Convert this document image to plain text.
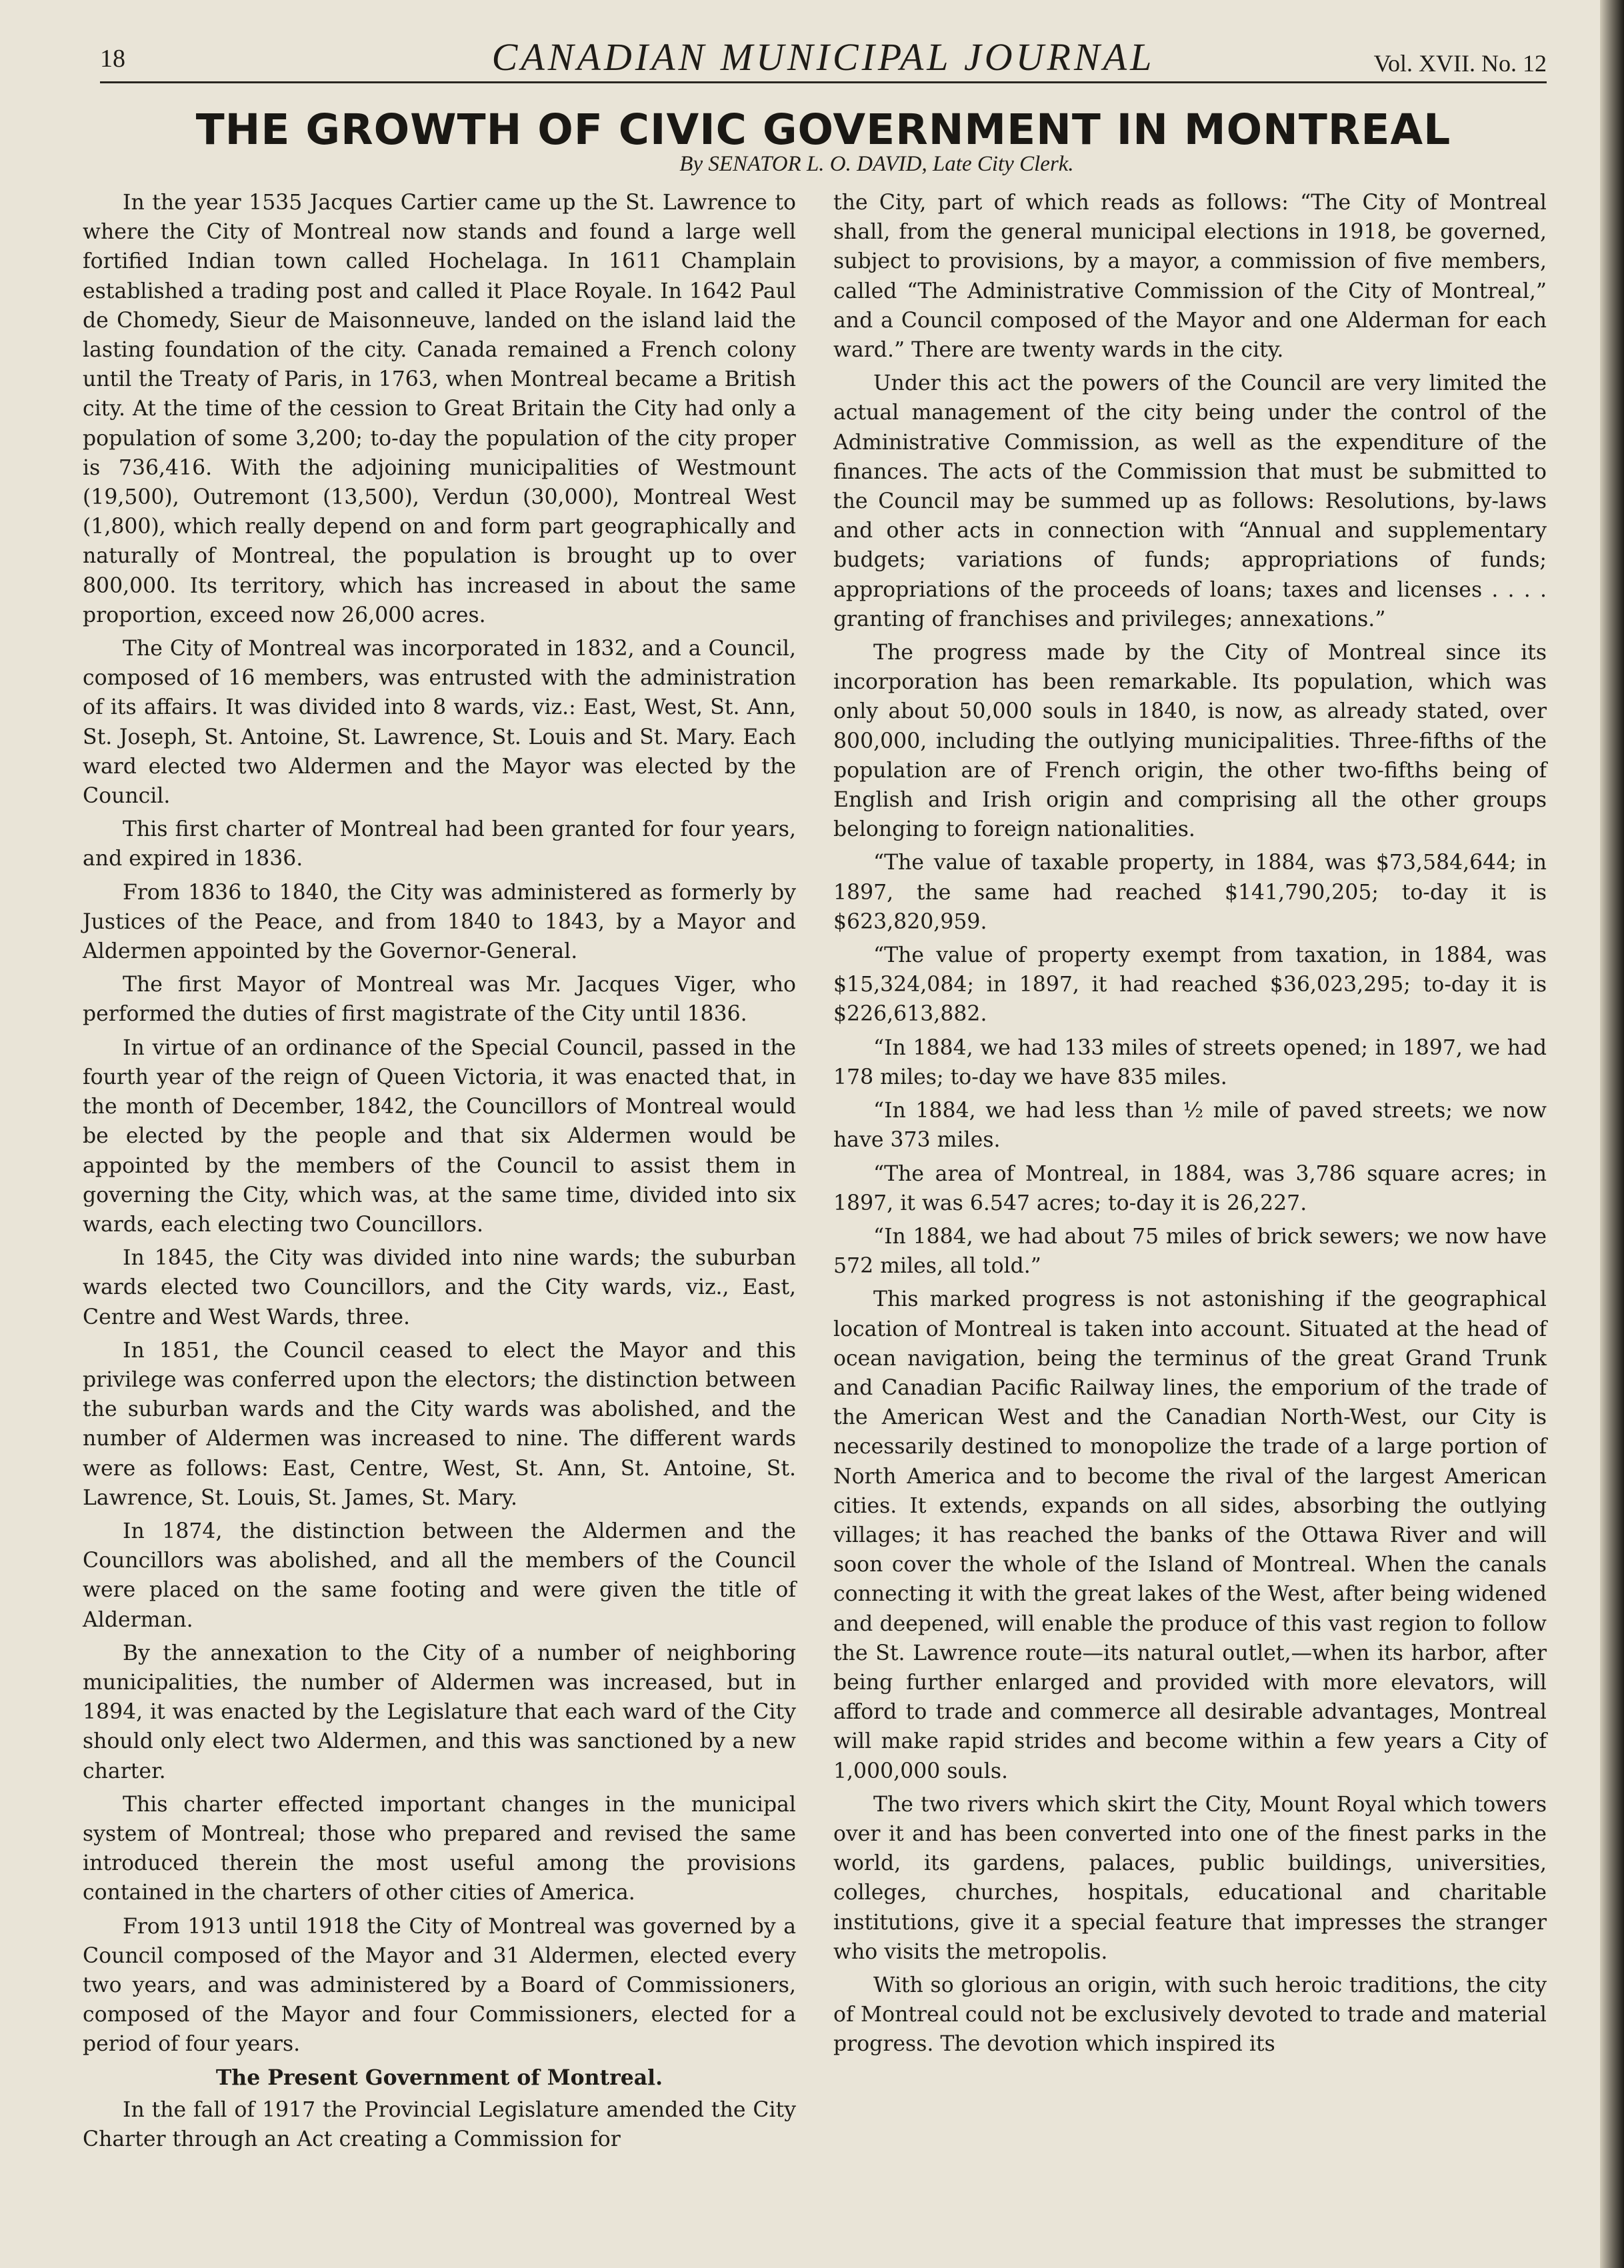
18	CANADIAN MUNICIPAL JOURNAL	Vol. XVII. No. 12
THE GROWTH OF CIVIC GOVERNMENT IN MONTREAL
By SENATOR L. O. DAVID, Late City Clerk.

In the year 1535 Jacques Cartier came up the St. Lawrence to where the City of Montreal now stands and found a large well fortified Indian town called Hochelaga. In 1611 Champlain established a trading post and called it Place Royale. In 1642 Paul de Chomedy, Sieur de Maisonneuve, landed on the island laid the lasting foundation of the city. Canada remained a French colony until the Treaty of Paris, in 1763, when Montreal became a British city. At the time of the cession to Great Britain the City had only a population of some 3,200; to-day the population of the city proper is 736,416. With the adjoining municipalities of Westmount (19,500), Outremont (13,500), Verdun (30,000), Montreal West (1,800), which really depend on and form part geographically and naturally of Montreal, the population is brought up to over 800,000. Its territory, which has increased in about the same proportion, exceed now 26,000 acres.

The City of Montreal was incorporated in 1832, and a Council, composed of 16 members, was entrusted with the administration of its affairs. It was divided into 8 wards, viz.: East, West, St. Ann, St. Joseph, St. Antoine, St. Lawrence, St. Louis and St. Mary. Each ward elected two Aldermen and the Mayor was elected by the Council.

This first charter of Montreal had been granted for four years, and expired in 1836.

From 1836 to 1840, the City was administered as formerly by Justices of the Peace, and from 1840 to 1843, by a Mayor and Aldermen appointed by the Governor-General.

The first Mayor of Montreal was Mr. Jacques Viger, who performed the duties of first magistrate of the City until 1836.

In virtue of an ordinance of the Special Council, passed in the fourth year of the reign of Queen Victoria, it was enacted that, in the month of December, 1842, the Councillors of Montreal would be elected by the people and that six Aldermen would be appointed by the members of the Council to assist them in governing the City, which was, at the same time, divided into six wards, each electing two Councillors.

In 1845, the City was divided into nine wards; the suburban wards elected two Councillors, and the City wards, viz., East, Centre and West Wards, three.

In 1851, the Council ceased to elect the Mayor and this privilege was conferred upon the electors; the distinction between the suburban wards and the City wards was abolished, and the number of Aldermen was increased to nine. The different wards were as follows: East, Centre, West, St. Ann, St. Antoine, St. Lawrence, St. Louis, St. James, St. Mary.

In 1874, the distinction between the Aldermen and the Councillors was abolished, and all the members of the Council were placed on the same footing and were given the title of Alderman.

By the annexation to the City of a number of neighboring municipalities, the number of Aldermen was increased, but in 1894, it was enacted by the Legislature that each ward of the City should only elect two Aldermen, and this was sanctioned by a new charter.

This charter effected important changes in the municipal system of Montreal; those who prepared and revised the same introduced therein the most useful among the provisions contained in the charters of other cities of America.

From 1913 until 1918 the City of Montreal was governed by a Council composed of the Mayor and 31 Aldermen, elected every two years, and was administered by a Board of Commissioners, composed of the Mayor and four Commissioners, elected for a period of four years.

The Present Government of Montreal.

In the fall of 1917 the Provincial Legislature amended the City Charter through an Act creating a Commission for

the City, part of which reads as follows: “The City of Montreal shall, from the general municipal elections in 1918, be governed, subject to provisions, by a mayor, a commission of five members, called “The Administrative Commission of the City of Montreal,” and a Council composed of the Mayor and one Alderman for each ward.” There are twenty wards in the city.

Under this act the powers of the Council are very limited the actual management of the city being under the control of the Administrative Commission, as well as the expenditure of the finances. The acts of the Commission that must be submitted to the Council may be summed up as follows: Resolutions, by-laws and other acts in connection with “Annual and supplementary budgets; variations of funds; appropriations of funds; appropriations of the proceeds of loans; taxes and licenses . . . . granting of franchises and privileges; annexations.”

The progress made by the City of Montreal since its incorporation has been remarkable. Its population, which was only about 50,000 souls in 1840, is now, as already stated, over 800,000, including the outlying municipalities. Three-fifths of the population are of French origin, the other two-fifths being of English and Irish origin and comprising all the other groups belonging to foreign nationalities.

“The value of taxable property, in 1884, was $73,584,644; in 1897, the same had reached $141,790,205; to-day it is $623,820,959.

“The value of property exempt from taxation, in 1884, was $15,324,084; in 1897, it had reached $36,023,295; to-day it is $226,613,882.

“In 1884, we had 133 miles of streets opened; in 1897, we had 178 miles; to-day we have 835 miles.

“In 1884, we had less than ½ mile of paved streets; we now have 373 miles.

“The area of Montreal, in 1884, was 3,786 square acres; in 1897, it was 6.547 acres; to-day it is 26,227.

“In 1884, we had about 75 miles of brick sewers; we now have 572 miles, all told.”

This marked progress is not astonishing if the geographical location of Montreal is taken into account. Situated at the head of ocean navigation, being the terminus of the great Grand Trunk and Canadian Pacific Railway lines, the emporium of the trade of the American West and the Canadian North-West, our City is necessarily destined to monopolize the trade of a large portion of North America and to become the rival of the largest American cities. It extends, expands on all sides, absorbing the outlying villages; it has reached the banks of the Ottawa River and will soon cover the whole of the Island of Montreal. When the canals connecting it with the great lakes of the West, after being widened and deepened, will enable the produce of this vast region to follow the St. Lawrence route—its natural outlet,—when its harbor, after being further enlarged and provided with more elevators, will afford to trade and commerce all desirable advantages, Montreal will make rapid strides and become within a few years a City of 1,000,000 souls.

The two rivers which skirt the City, Mount Royal which towers over it and has been converted into one of the finest parks in the world, its gardens, palaces, public buildings, universities, colleges, churches, hospitals, educational and charitable institutions, give it a special feature that impresses the stranger who visits the metropolis.

With so glorious an origin, with such heroic traditions, the city of Montreal could not be exclusively devoted to trade and material progress. The devotion which inspired its
